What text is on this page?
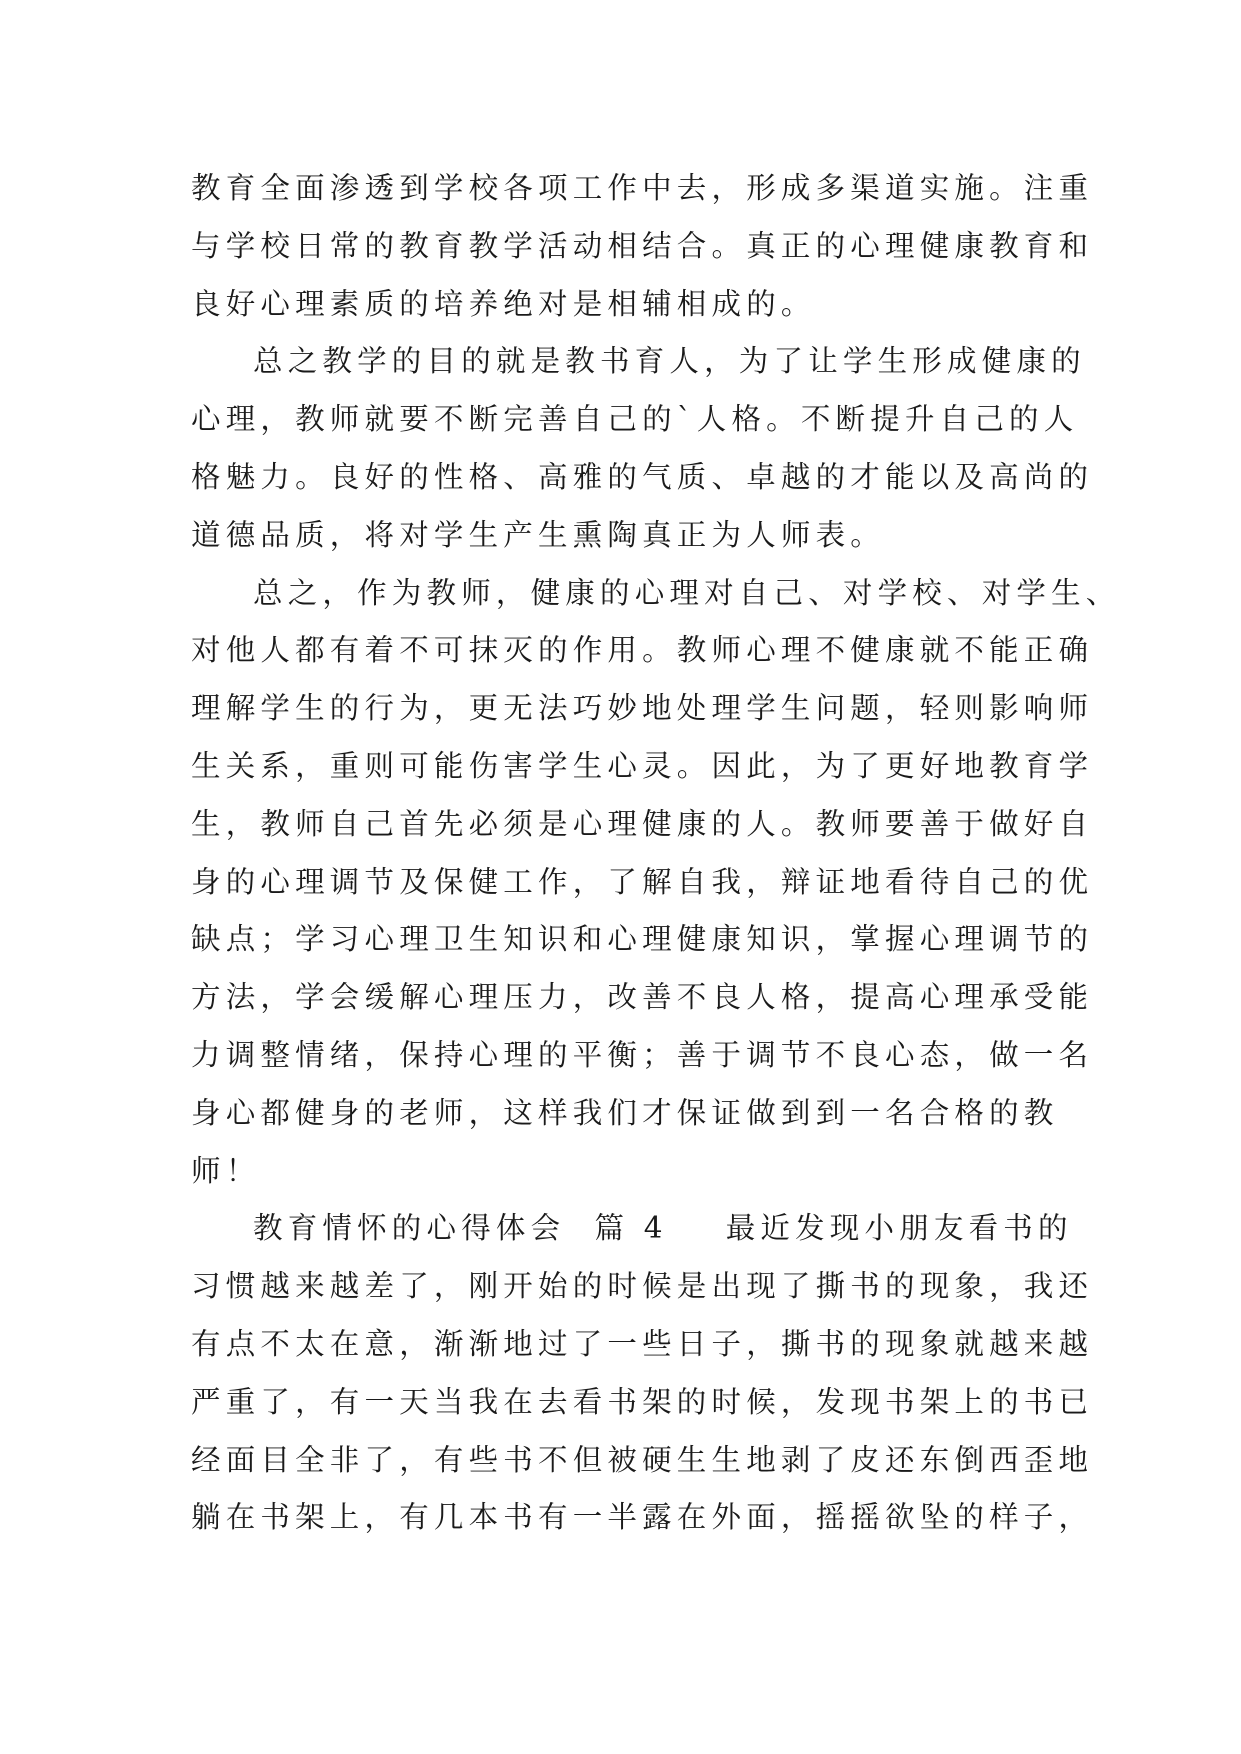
教育全面渗透到学校各项工作中去，形成多渠道实施。注重
与学校日常的教育教学活动相结合。真正的心理健康教育和
良好心理素质的培养绝对是相辅相成的。
总之教学的目的就是教书育人，为了让学生形成健康的
心理，教师就要不断完善自己的`人格。不断提升自己的人
格魅力。良好的性格、高雅的气质、卓越的才能以及高尚的
道德品质，将对学生产生熏陶真正为人师表。
总之，作为教师，健康的心理对自己、对学校、对学生、
对他人都有着不可抹灭的作用。教师心理不健康就不能正确
理解学生的行为，更无法巧妙地处理学生问题，轻则影响师
生关系，重则可能伤害学生心灵。因此，为了更好地教育学
生，教师自己首先必须是心理健康的人。教师要善于做好自
身的心理调节及保健工作，了解自我，辩证地看待自己的优
缺点；学习心理卫生知识和心理健康知识，掌握心理调节的
方法，学会缓解心理压力，改善不良人格，提高心理承受能
力调整情绪，保持心理的平衡；善于调节不良心态，做一名
身心都健身的老师，这样我们才保证做到到一名合格的教
师！
教育情怀的心得体会  篇 4 最近发现小朋友看书的
习惯越来越差了，刚开始的时候是出现了撕书的现象，我还
有点不太在意，渐渐地过了一些日子，撕书的现象就越来越
严重了，有一天当我在去看书架的时候，发现书架上的书已
经面目全非了，有些书不但被硬生生地剥了皮还东倒西歪地
躺在书架上，有几本书有一半露在外面，摇摇欲坠的样子，
